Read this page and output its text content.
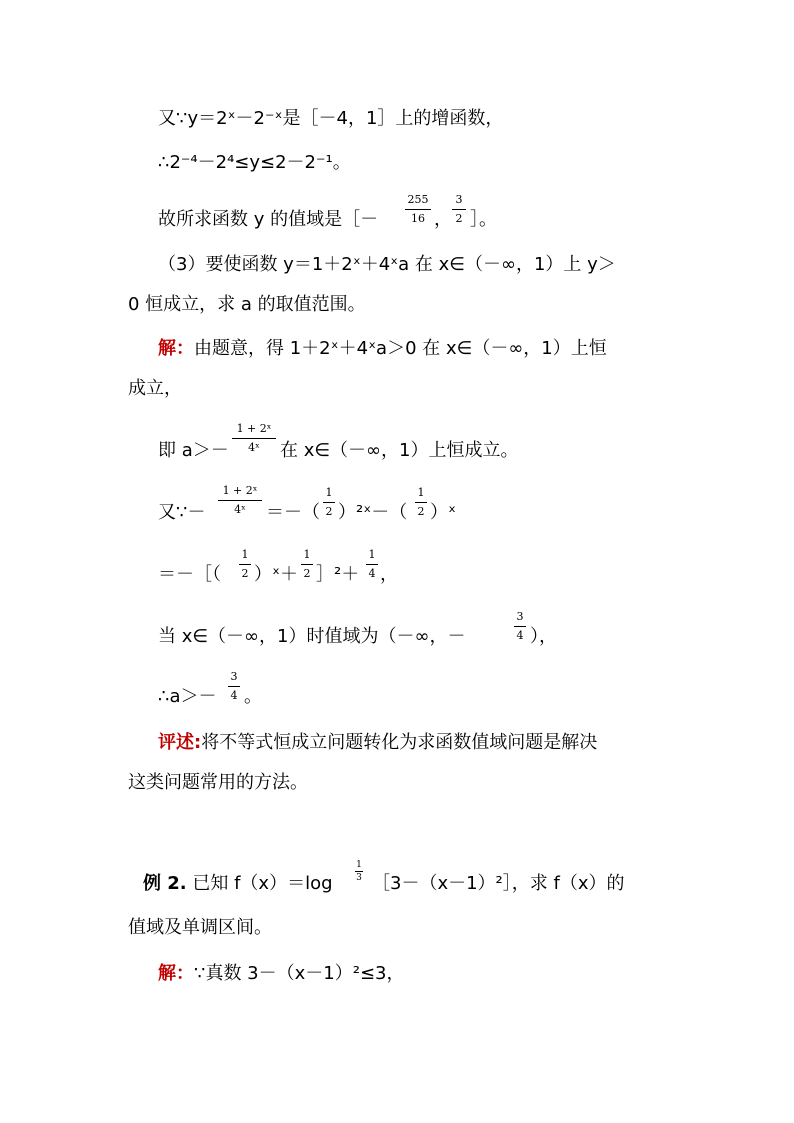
又∵y＝2ˣ－2⁻ˣ是［－4，1］上的增函数，
∴2⁻⁴－2⁴≤y≤2－2⁻¹。
故所求函数 y 的值域是［－
255
16 ，
3
2 ］。
（3）要使函数 y＝1＋2ˣ＋4ˣa 在 x∈（－∞，1）上 y＞
0 恒成立，求 a 的取值范围。
解：由题意，得 1＋2ˣ＋4ˣa＞0 在 x∈（－∞，1）上恒
成立，
即 a＞－
1 + 2ˣ
4ˣ	在 x∈（－∞，1）上恒成立。
又∵－
1 + 2ˣ
4ˣ	＝－（
1
2 ）²ˣ－（
1
2 ）ˣ
＝－［（
1
2 ）ˣ＋
1
2 ］²＋
1
4 ，
当 x∈（－∞，1）时值域为（－∞，－
3
4 ），
∴a＞－
3
4 。
评述:将不等式恒成立问题转化为求函数值域问题是解决
这类问题常用的方法。
例 2. 已知 f（x）＝log
1
3 ［3－（x－1）²］，求 f（x）的
值域及单调区间。
解：∵真数 3－（x－1）²≤3，
